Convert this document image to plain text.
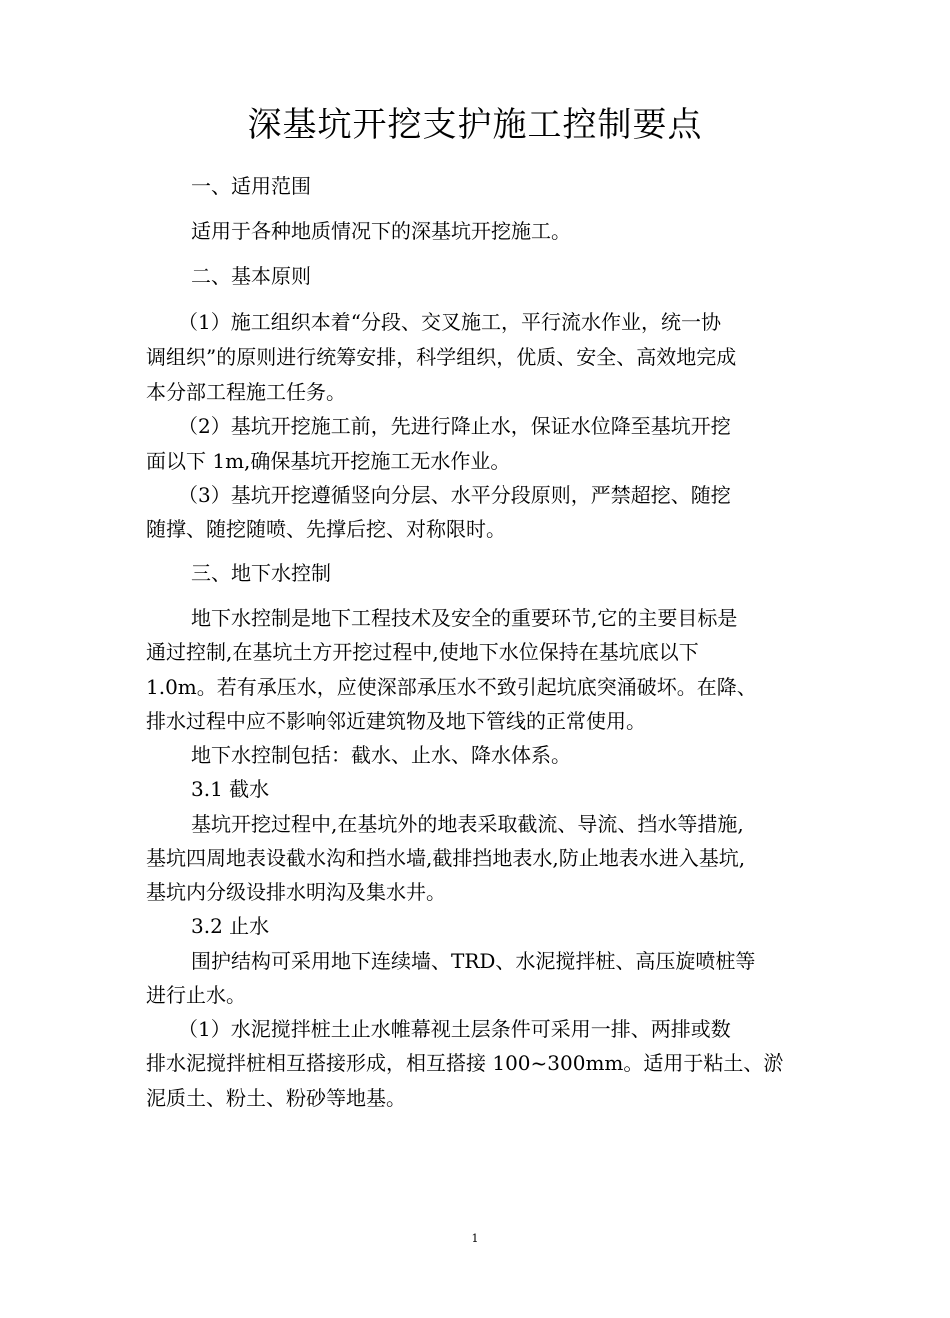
深基坑开挖支护施工控制要点
一、适用范围
适用于各种地质情况下的深基坑开挖施工。
二、基本原则
（1）施工组织本着“分段、交叉施工，平行流水作业，统一协
调组织”的原则进行统筹安排，科学组织，优质、安全、高效地完成
本分部工程施工任务。
（2）基坑开挖施工前，先进行降止水，保证水位降至基坑开挖
面以下 1m,确保基坑开挖施工无水作业。
（3）基坑开挖遵循竖向分层、水平分段原则，严禁超挖、随挖
随撑、随挖随喷、先撑后挖、对称限时。
三、地下水控制
地下水控制是地下工程技术及安全的重要环节,它的主要目标是
通过控制,在基坑土方开挖过程中,使地下水位保持在基坑底以下
1.0m。若有承压水，应使深部承压水不致引起坑底突涌破坏。在降、
排水过程中应不影响邻近建筑物及地下管线的正常使用。
地下水控制包括：截水、止水、降水体系。
3.1 截水
基坑开挖过程中,在基坑外的地表采取截流、导流、挡水等措施,
基坑四周地表设截水沟和挡水墙,截排挡地表水,防止地表水进入基坑,
基坑内分级设排水明沟及集水井。
3.2 止水
围护结构可采用地下连续墙、TRD、水泥搅拌桩、高压旋喷桩等
进行止水。
（1）水泥搅拌桩土止水帷幕视土层条件可采用一排、两排或数
排水泥搅拌桩相互搭接形成，相互搭接 100~300mm。适用于粘土、淤
泥质土、粉土、粉砂等地基。
1
